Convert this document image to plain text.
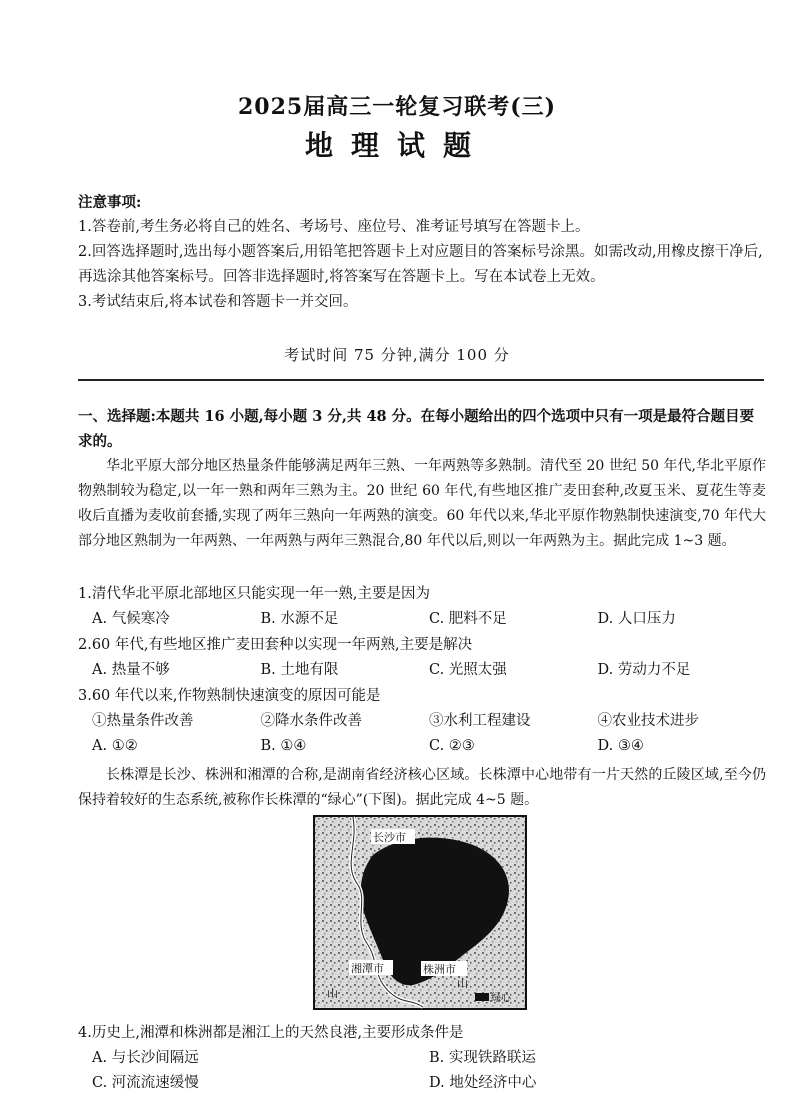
2025届高三一轮复习联考(三)
地理试题

注意事项:

1.答卷前,考生务必将自己的姓名、考场号、座位号、准考证号填写在答题卡上。

2.回答选择题时,选出每小题答案后,用铅笔把答题卡上对应题目的答案标号涂黑。如需改动,用橡皮擦干净后,再选涂其他答案标号。回答非选择题时,将答案写在答题卡上。写在本试卷上无效。

3.考试结束后,将本试卷和答题卡一并交回。

考试时间 75 分钟,满分 100 分

一、选择题:本题共 16 小题,每小题 3 分,共 48 分。在每小题给出的四个选项中只有一项是最符合题目要求的。

华北平原大部分地区热量条件能够满足两年三熟、一年两熟等多熟制。清代至 20 世纪 50 年代,华北平原作物熟制较为稳定,以一年一熟和两年三熟为主。20 世纪 60 年代,有些地区推广麦田套种,改夏玉米、夏花生等麦收后直播为麦收前套播,实现了两年三熟向一年两熟的演变。60 年代以来,华北平原作物熟制快速演变,70 年代大部分地区熟制为一年两熟、一年两熟与两年三熟混合,80 年代以后,则以一年两熟为主。据此完成 1~3 题。

1.清代华北平原北部地区只能实现一年一熟,主要是因为

A. 气候寒冷	B. 水源不足	C. 肥料不足	D. 人口压力

2.60 年代,有些地区推广麦田套种以实现一年两熟,主要是解决

A. 热量不够	B. 土地有限	C. 光照太强	D. 劳动力不足

3.60 年代以来,作物熟制快速演变的原因可能是

①热量条件改善	②降水条件改善	③水利工程建设	④农业技术进步
A. ①②	B. ①④	C. ②③	D. ③④

长株潭是长沙、株洲和湘潭的合称,是湖南省经济核心区域。长株潭中心地带有一片天然的丘陵区域,至今仍保持着较好的生态系统,被称作长株潭的“绿心”(下图)。据此完成 4~5 题。

长沙市
湘潭市	株洲市
山
山
绿心

4.历史上,湘潭和株洲都是湘江上的天然良港,主要形成条件是

A. 与长沙间隔远	B. 实现铁路联运
C. 河流流速缓慢	D. 地处经济中心
